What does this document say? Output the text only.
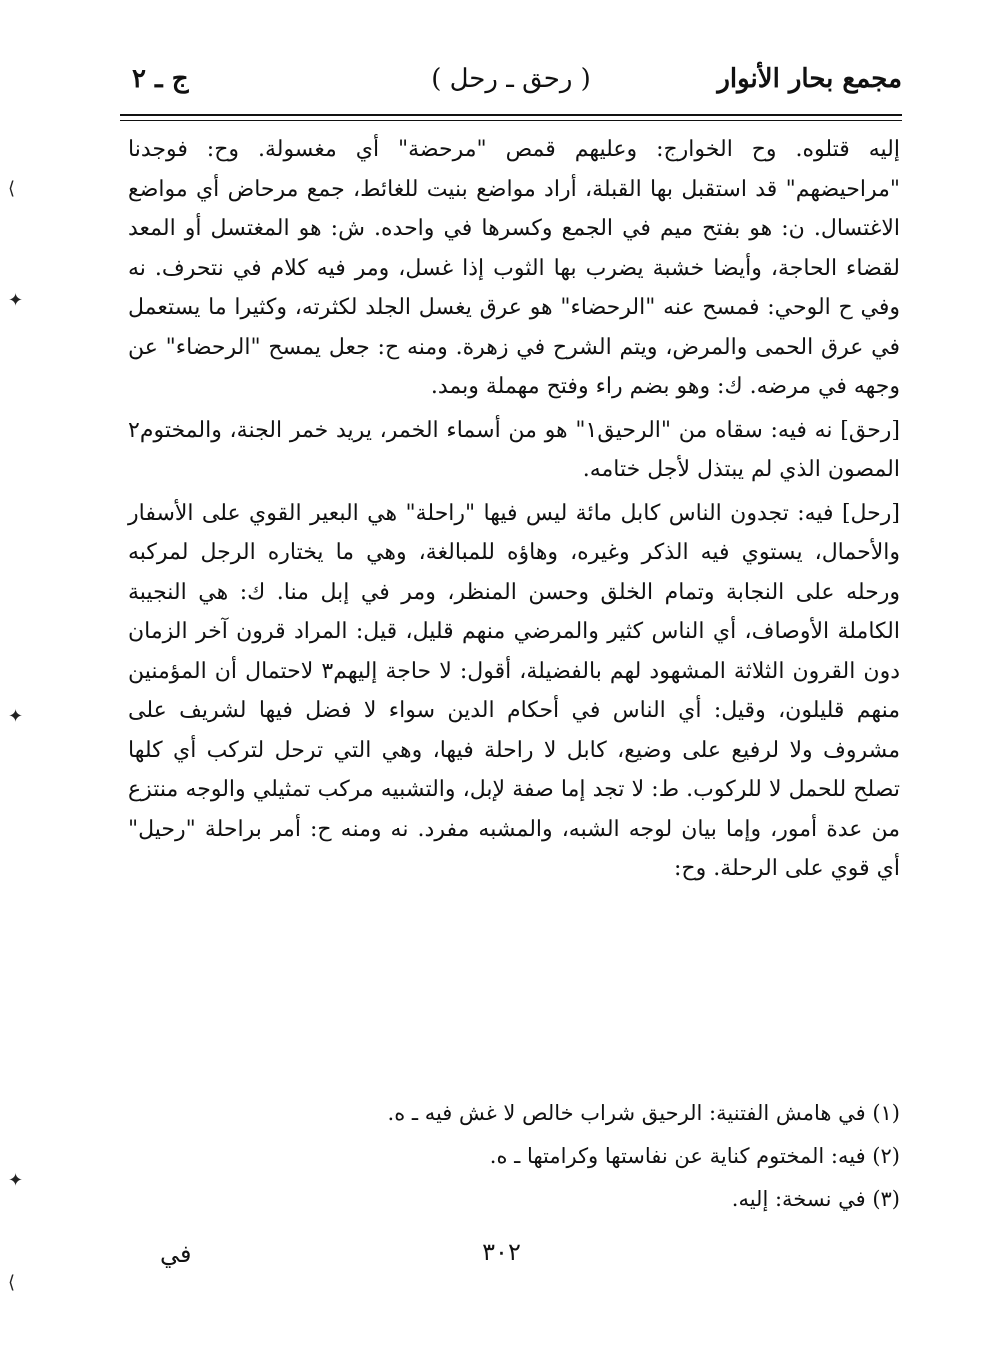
مجمع بحار الأنوار
( رحق ـ رحل )
ج ـ ٢

إليه قتلوه. وح الخوارج: وعليهم قمص "مرحضة" أي مغسولة. وح: فوجدنا "مراحيضهم" قد استقبل بها القبلة، أراد مواضع بنيت للغائط، جمع مرحاض أي مواضع الاغتسال. ن: هو بفتح ميم في الجمع وكسرها في واحده. ش: هو المغتسل أو المعد لقضاء الحاجة، وأيضا خشبة يضرب بها الثوب إذا غسل، ومر فيه كلام في نتحرف. نه وفي ح الوحي: فمسح عنه "الرحضاء" هو عرق يغسل الجلد لكثرته، وكثيرا ما يستعمل في عرق الحمى والمرض، ويتم الشرح في زهرة. ومنه ح: جعل يمسح "الرحضاء" عن وجهه في مرضه. ك: وهو بضم راء وفتح مهملة وبمد.

[رحق] نه فيه: سقاه من "الرحيق١" هو من أسماء الخمر، يريد خمر الجنة، والمختوم٢ المصون الذي لم يبتذل لأجل ختامه.

[رحل] فيه: تجدون الناس كابل مائة ليس فيها "راحلة" هي البعير القوي على الأسفار والأحمال، يستوي فيه الذكر وغيره، وهاؤه للمبالغة، وهي ما يختاره الرجل لمركبه ورحله على النجابة وتمام الخلق وحسن المنظر، ومر في إبل منا. ك: هي النجيبة الكاملة الأوصاف، أي الناس كثير والمرضي منهم قليل، قيل: المراد قرون آخر الزمان دون القرون الثلاثة المشهود لهم بالفضيلة، أقول: لا حاجة إليهم٣ لاحتمال أن المؤمنين منهم قليلون، وقيل: أي الناس في أحكام الدين سواء لا فضل فيها لشريف على مشروف ولا لرفيع على وضيع، كابل لا راحلة فيها، وهي التي ترحل لتركب أي كلها تصلح للحمل لا للركوب. ط: لا تجد إما صفة لإبل، والتشبيه مركب تمثيلي والوجه منتزع من عدة أمور، وإما بيان لوجه الشبه، والمشبه مفرد. نه ومنه ح: أمر براحلة "رحيل" أي قوي على الرحلة. وح:

(١) في هامش الفتنية: الرحيق شراب خالص لا غش فيه ـ ه.

(٢) فيه: المختوم كناية عن نفاستها وكرامتها ـ ه.

(٣) في نسخة: إليه.

في	٣٠٢
⟨
✦
✦
✦
⟨
